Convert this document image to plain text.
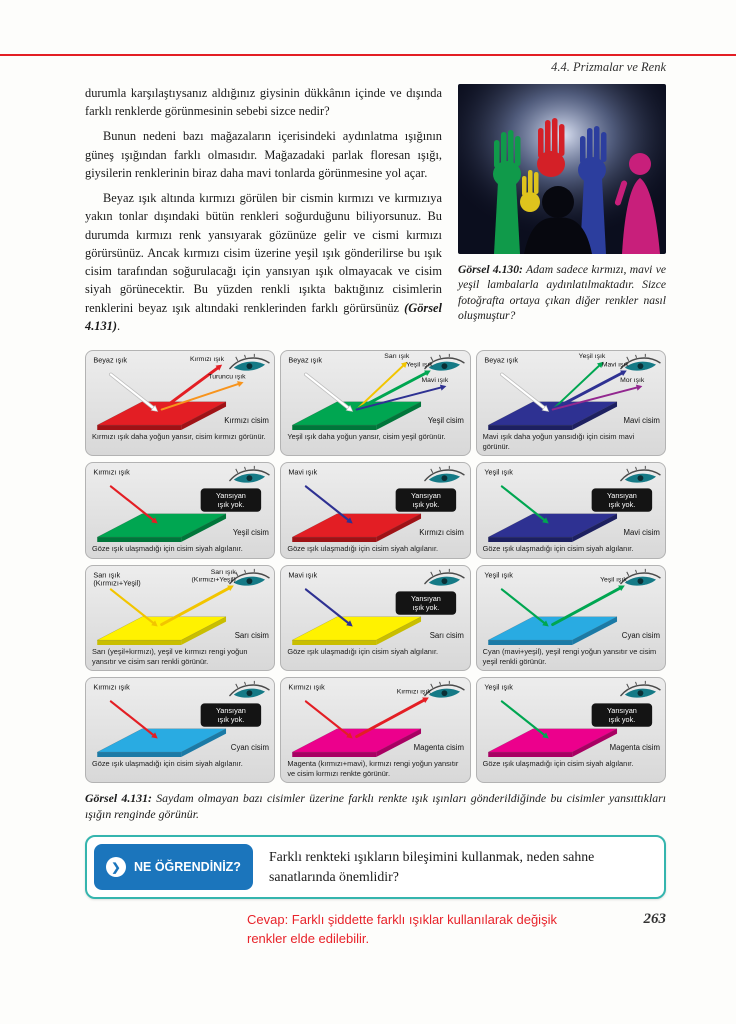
4.4. Prizmalar ve Renk

durumla karşılaştıysanız aldığınız giysinin dükkânın içinde ve dışında farklı renklerde görünmesinin sebebi sizce nedir?

Bunun nedeni bazı mağazaların içerisindeki aydınlatma ışığının güneş ışığından farklı olmasıdır. Mağazadaki parlak floresan ışığı, giysilerin renklerinin biraz daha mavi tonlarda görünmesine yol açar.

Beyaz ışık altında kırmızı görülen bir cismin kırmızı ve kırmızıya yakın tonlar dışındaki bütün renkleri soğurduğunu biliyorsunuz. Bu durumda kırmızı renk yansıyarak gözünüze gelir ve cismi kırmızı görürsünüz. Ancak kırmızı cisim üzerine yeşil ışık gönderilirse bu ışık cisim tarafından soğurulacağı için yansıyan ışık olmayacak ve cisim siyah görünecektir. Bu yüzden renkli ışıkta baktığınız cisimlerin renklerini beyaz ışık altındaki renklerinden farklı görürsünüz (Görsel 4.131).

Görsel 4.130: Adam sadece kırmızı, mavi ve yeşil lambalarla aydınlatılmaktadır. Sizce fotoğrafta ortaya çıkan diğer renkler nasıl oluşmuştur?

Beyaz ışık	Kırmızı ışık
Turuncu ışık
Kırmızı cisim
Kırmızı ışık daha yoğun yansır, cisim kırmızı görünür.
Beyaz ışık	Sarı ışık
Yeşil ışık
Mavi ışık
Yeşil cisim
Yeşil ışık daha yoğun yansır, cisim yeşil görünür.
Beyaz ışık	Yeşil ışık
Mavi ışık
Mor ışık
Mavi cisim
Mavi ışık daha yoğun yansıdığı için cisim mavi görünür.
Kırmızı ışık
Yansıyan ışık yok.
Yeşil cisim
Göze ışık ulaşmadığı için cisim siyah algılanır.
Mavi ışık
Yansıyan ışık yok.
Kırmızı cisim
Göze ışık ulaşmadığı için cisim siyah algılanır.
Yeşil ışık
Yansıyan ışık yok.
Mavi cisim
Göze ışık ulaşmadığı için cisim siyah algılanır.
Sarı ışık (Kırmızı+Yeşil)
Sarı ışık (Kırmızı+Yeşil)
Sarı cisim
Sarı (yeşil+kırmızı), yeşil ve kırmızı rengi yoğun yansıtır ve cisim sarı renkli görünür.
Mavi ışık
Yansıyan ışık yok.
Sarı cisim
Göze ışık ulaşmadığı için cisim siyah algılanır.
Yeşil ışık
Yeşil ışık
Cyan cisim
Cyan (mavi+yeşil), yeşil rengi yoğun yansıtır ve cisim yeşil renkli görünür.
Kırmızı ışık
Yansıyan ışık yok.
Cyan cisim
Göze ışık ulaşmadığı için cisim siyah algılanır.
Kırmızı ışık
Kırmızı ışık
Magenta cisim
Magenta (kırmızı+mavi), kırmızı rengi yoğun yansıtır ve cisim kırmızı renkte görünür.
Yeşil ışık
Yansıyan ışık yok.
Magenta cisim
Göze ışık ulaşmadığı için cisim siyah algılanır.

Görsel 4.131: Saydam olmayan bazı cisimler üzerine farklı renkte ışık ışınları gönderildiğinde bu cisimler yansıttıkları ışığın renginde görünür.

❯	NE ÖĞRENDİNİZ?
Farklı renkteki ışıkların bileşimini kullanmak, neden sahne sanatlarında önemlidir?
Cevap: Farklı şiddette farklı ışıklar kullanılarak değişik renkler elde edilebilir.
263
